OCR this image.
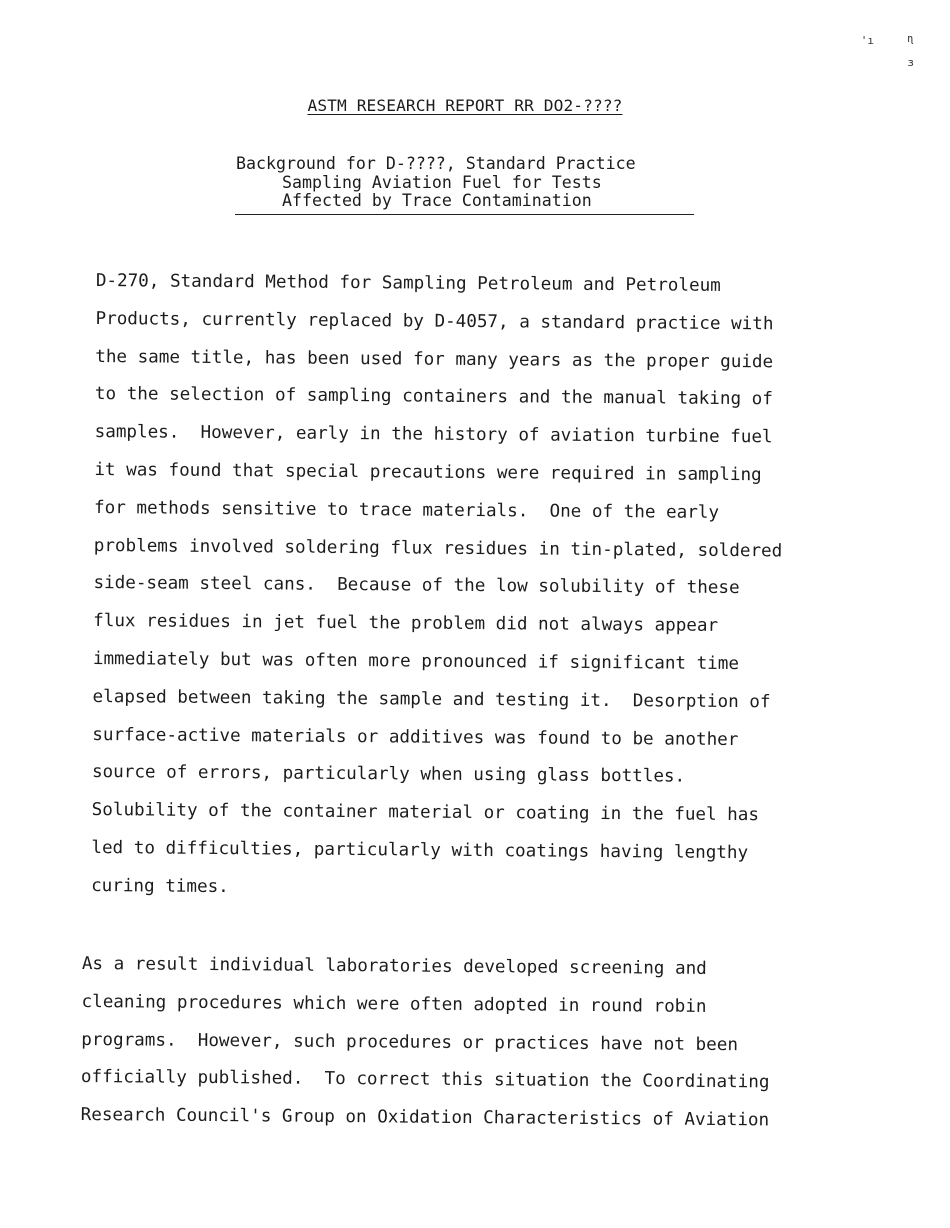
'ı	ɳ
ɜ
ASTM RESEARCH REPORT RR DO2-????
Background for D-????, Standard Practice
Sampling Aviation Fuel for Tests
Affected by Trace Contamination
D-270, Standard Method for Sampling Petroleum and Petroleum
Products, currently replaced by D-4057, a standard practice with
the same title, has been used for many years as the proper guide
to the selection of sampling containers and the manual taking of
samples.  However, early in the history of aviation turbine fuel
it was found that special precautions were required in sampling
for methods sensitive to trace materials.  One of the early
problems involved soldering flux residues in tin-plated, soldered
side-seam steel cans.  Because of the low solubility of these
flux residues in jet fuel the problem did not always appear
immediately but was often more pronounced if significant time
elapsed between taking the sample and testing it.  Desorption of
surface-active materials or additives was found to be another
source of errors, particularly when using glass bottles.
Solubility of the container material or coating in the fuel has
led to difficulties, particularly with coatings having lengthy
curing times.
As a result individual laboratories developed screening and
cleaning procedures which were often adopted in round robin
programs.  However, such procedures or practices have not been
officially published.  To correct this situation the Coordinating
Research Council's Group on Oxidation Characteristics of Aviation
